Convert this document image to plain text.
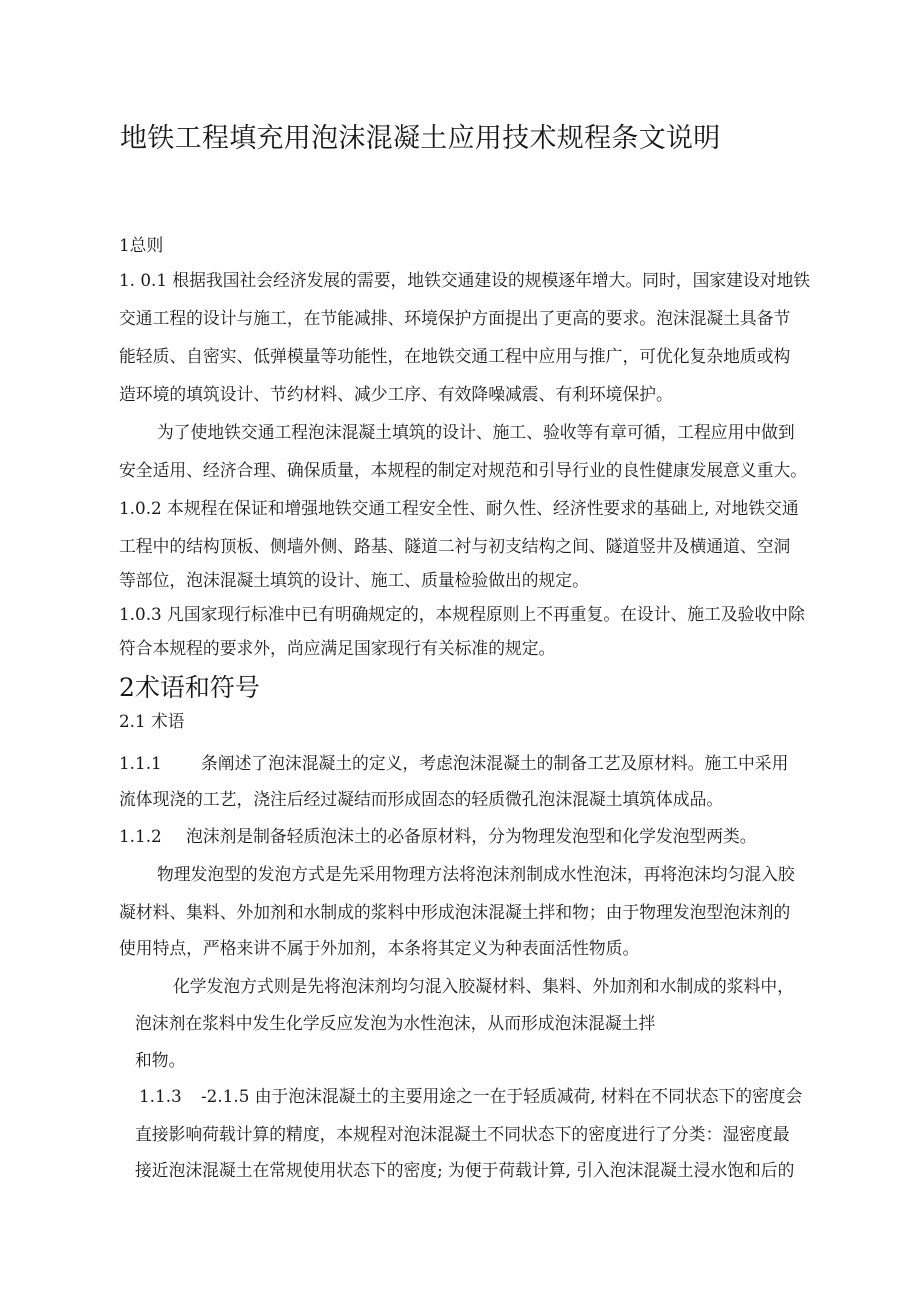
地铁工程填充用泡沫混凝土应用技术规程条文说明
1总则
1. 0.1 根据我国社会经济发展的需要，地铁交通建设的规模逐年增大。同时，国家建设对地铁
交通工程的设计与施工，在节能减排、环境保护方面提出了更高的要求。泡沫混凝土具备节
能轻质、自密实、低弹模量等功能性，在地铁交通工程中应用与推广，可优化复杂地质或构
造环境的填筑设计、节约材料、减少工序、有效降噪减震、有利环境保护。
为了使地铁交通工程泡沫混凝土填筑的设计、施工、验收等有章可循，工程应用中做到
安全适用、经济合理、确保质量，本规程的制定对规范和引导行业的良性健康发展意义重大。
1.0.2 本规程在保证和增强地铁交通工程安全性、耐久性、经济性要求的基础上, 对地铁交通
工程中的结构顶板、侧墙外侧、路基、隧道二衬与初支结构之间、隧道竖井及横通道、空洞
等部位，泡沫混凝土填筑的设计、施工、质量检验做出的规定。
1.0.3 凡国家现行标准中已有明确规定的，本规程原则上不再重复。在设计、施工及验收中除
符合本规程的要求外，尚应满足国家现行有关标准的规定。
2术语和符号
2.1 术语
1.1.1 条阐述了泡沫混凝土的定义，考虑泡沫混凝土的制备工艺及原材料。施工中采用
流体现浇的工艺，浇注后经过凝结而形成固态的轻质微孔泡沫混凝土填筑体成品。
1.1.2 泡沫剂是制备轻质泡沫土的必备原材料，分为物理发泡型和化学发泡型两类。
物理发泡型的发泡方式是先采用物理方法将泡沫剂制成水性泡沫，再将泡沫均匀混入胶
凝材料、集料、外加剂和水制成的浆料中形成泡沫混凝土拌和物；由于物理发泡型泡沫剂的
使用特点，严格来讲不属于外加剂，本条将其定义为种表面活性物质。
化学发泡方式则是先将泡沫剂均匀混入胶凝材料、集料、外加剂和水制成的浆料中，
泡沫剂在浆料中发生化学反应发泡为水性泡沫，从而形成泡沫混凝土拌
和物。
1.1.3 -2.1.5 由于泡沫混凝土的主要用途之一在于轻质减荷, 材料在不同状态下的密度会
直接影响荷载计算的精度，本规程对泡沫混凝土不同状态下的密度进行了分类：湿密度最
接近泡沫混凝土在常规使用状态下的密度; 为便于荷载计算, 引入泡沫混凝土浸水饱和后的
